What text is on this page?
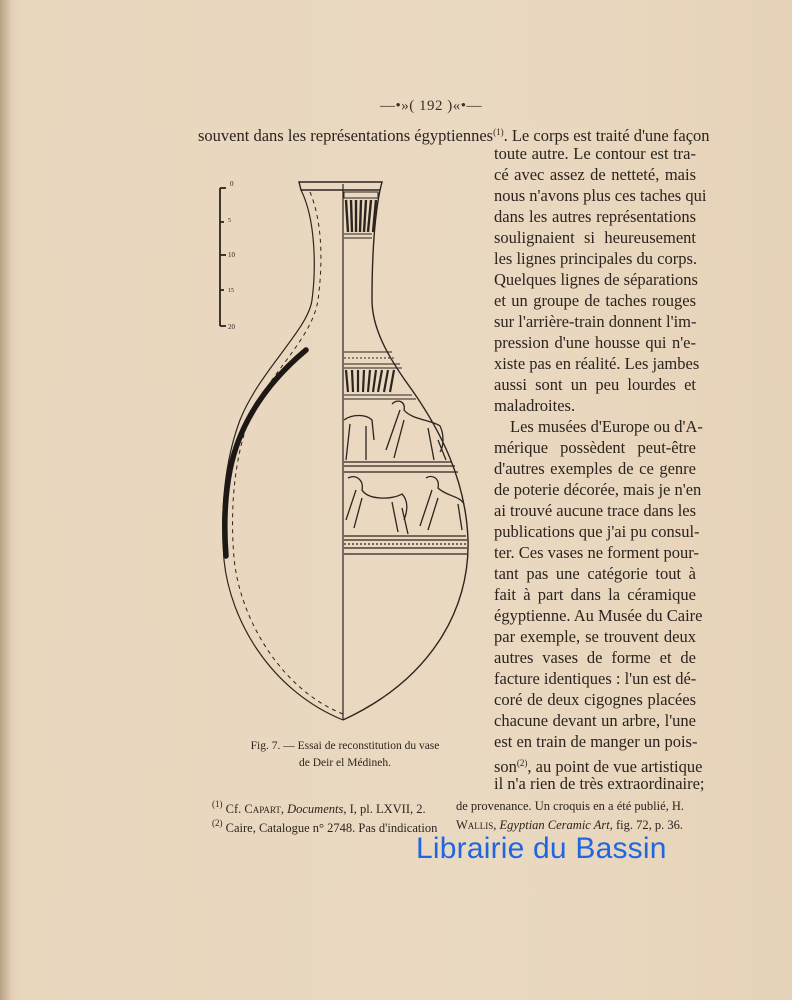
—•»( 192 )«•—
souvent dans les représentations égyptiennes$^{(1)}$. Le corps est traité d'une façon
toute autre. Le contour est tra-
cé avec assez de netteté, mais
nous n'avons plus ces taches qui
dans les autres représentations
soulignaient si heureusement
les lignes principales du corps.
Quelques lignes de séparations
et un groupe de taches rouges
sur l'arrière-train donnent l'im-
pression d'une housse qui n'e-
xiste pas en réalité. Les jambes
aussi sont un peu lourdes et
maladroites.
Les musées d'Europe ou d'A-
mérique possèdent peut-être
d'autres exemples de ce genre
de poterie décorée, mais je n'en
ai trouvé aucune trace dans les
publications que j'ai pu consul-
ter. Ces vases ne forment pour-
tant pas une catégorie tout à
fait à part dans la céramique
égyptienne. Au Musée du Caire
par exemple, se trouvent deux
autres vases de forme et de
facture identiques : l'un est dé-
coré de deux cigognes placées
chacune devant un arbre, l'une
est en train de manger un pois-
son$^{(2)}$, au point de vue artistique
il n'a rien de très extraordinaire;
0
5
10
15
20
Fig. 7. — Essai de reconstitution du vase
de Deir el Médineh.
$^{(1)}$ Cf. Capart, Documents, I, pl. LXVII, 2.
$^{(2)}$ Caire, Catalogue n° 2748. Pas d'indication
de provenance. Un croquis en a été publié, H.
Wallis, Egyptian Ceramic Art, fig. 72, p. 36.
Librairie du Bassin
